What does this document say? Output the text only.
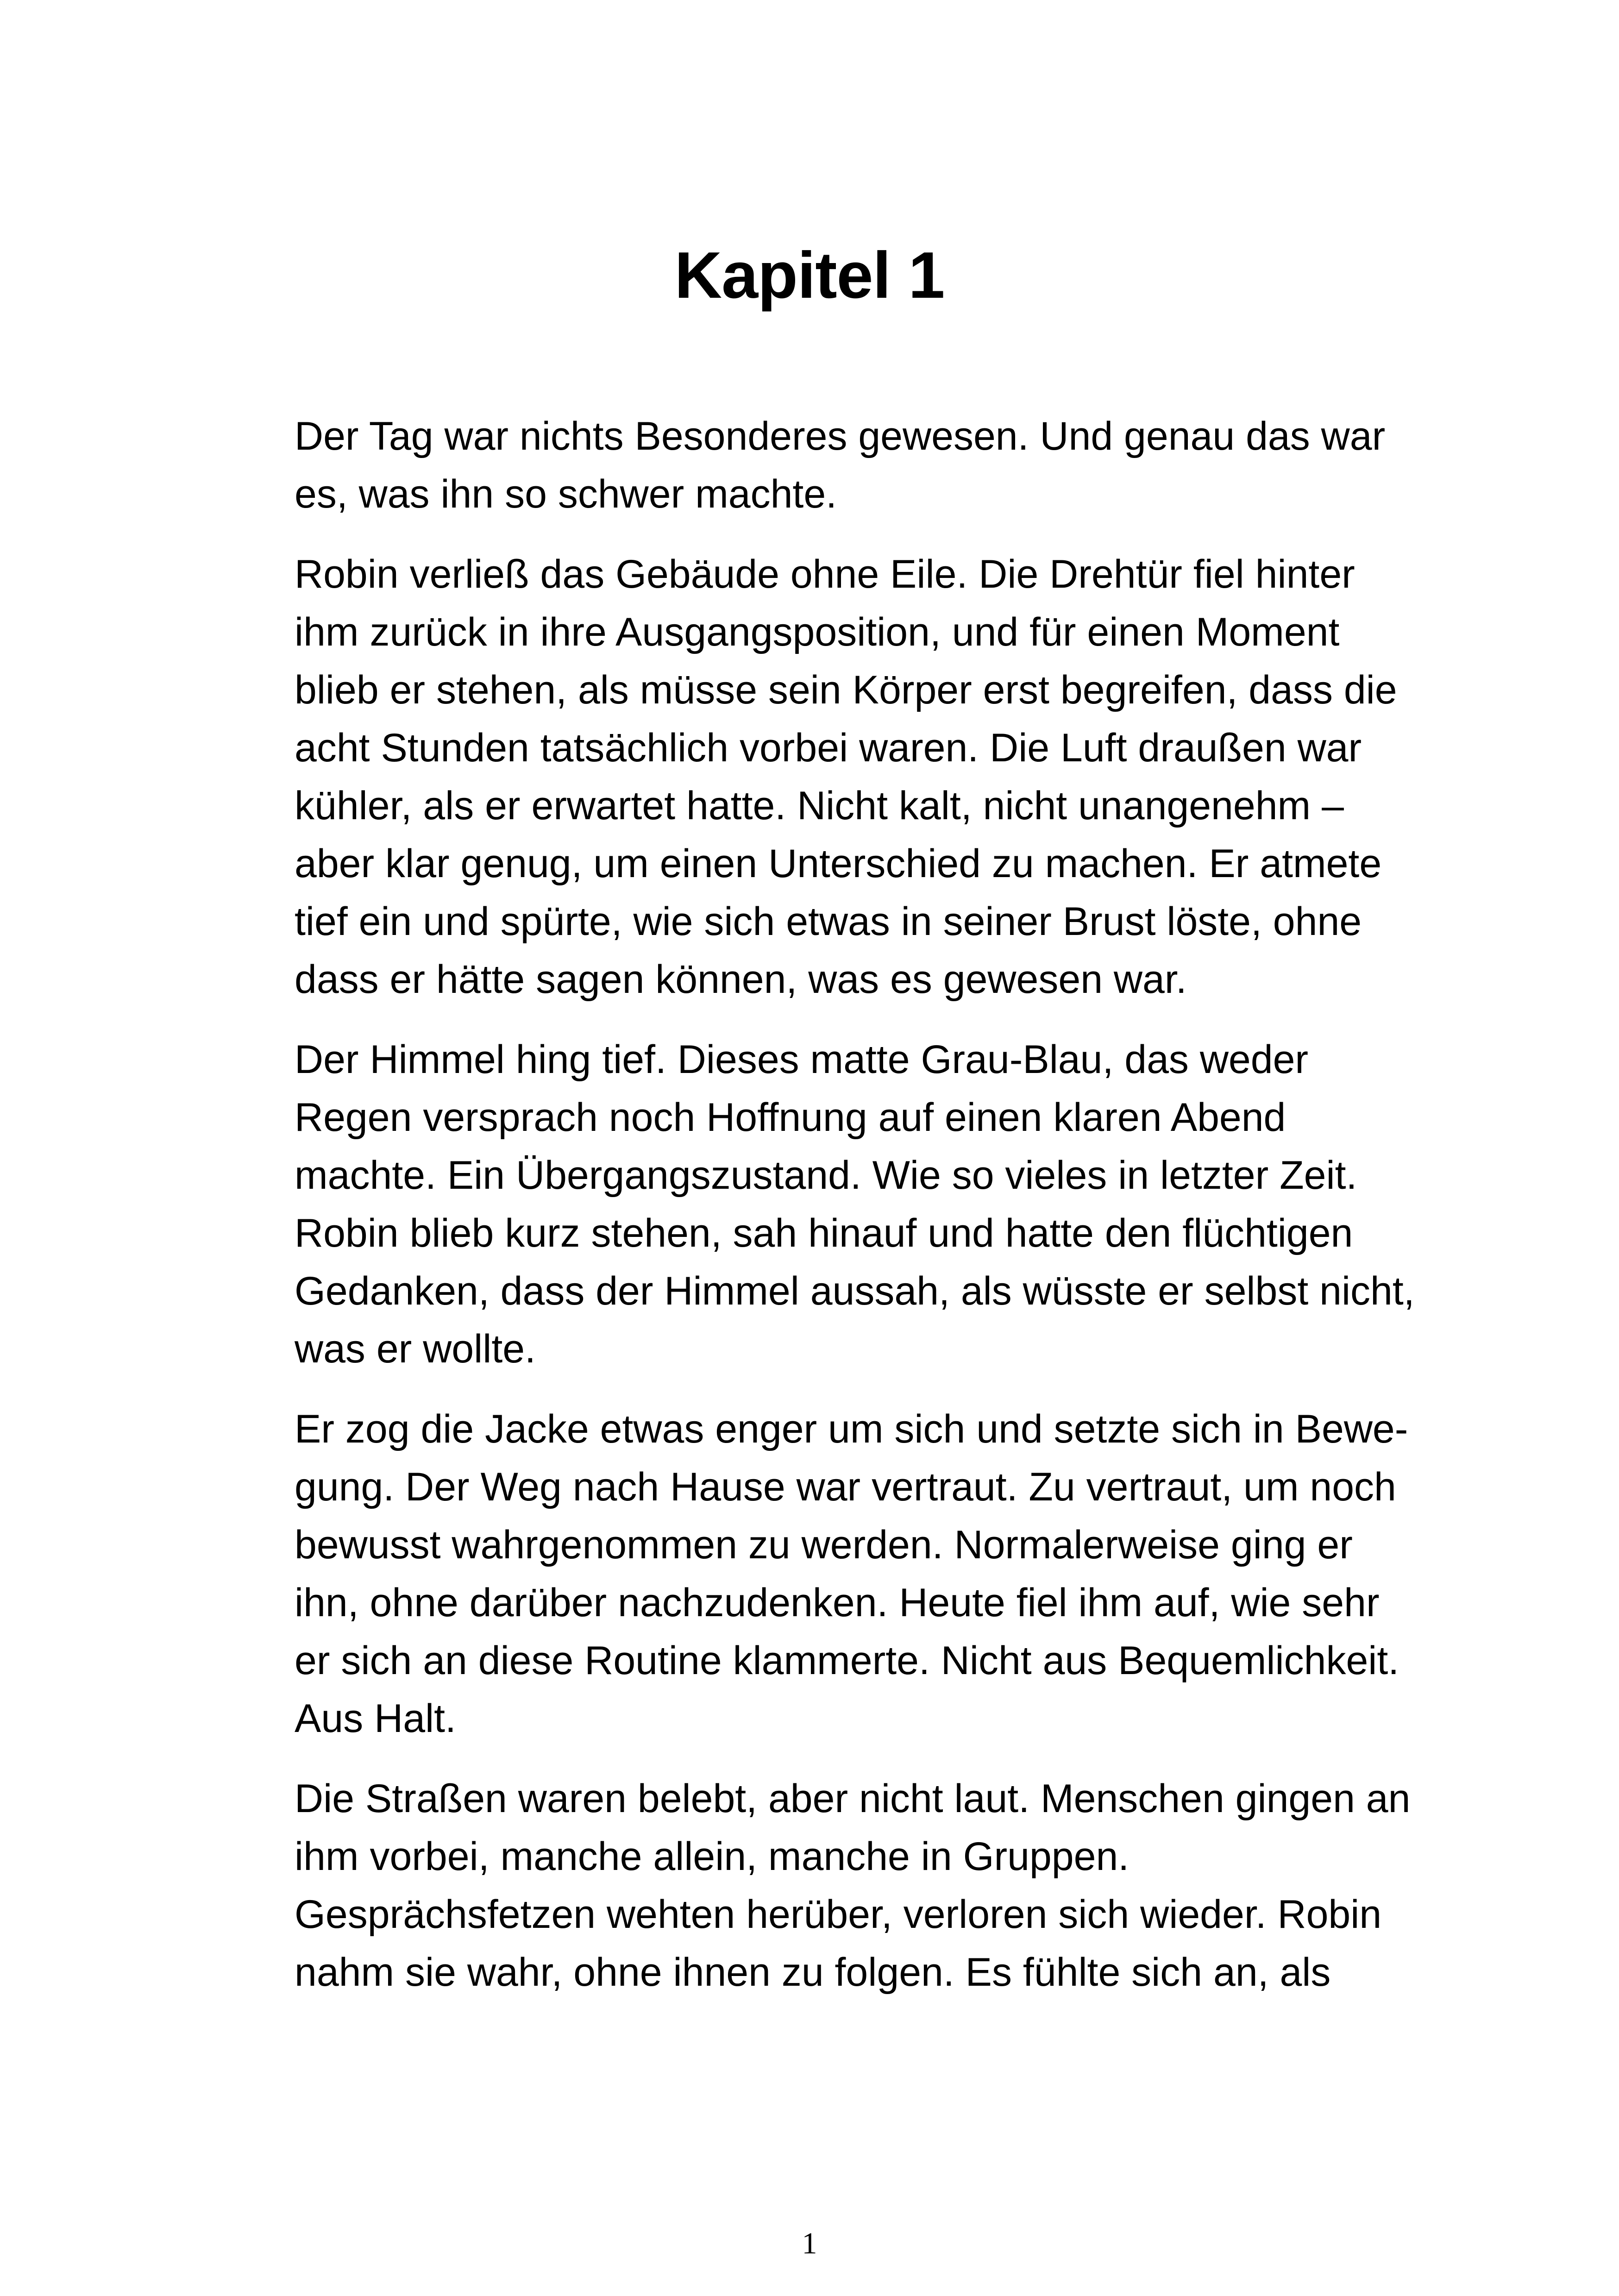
Kapitel 1

Der Tag war nichts Besonderes gewesen. Und genau das war
es, was ihn so schwer machte.

Robin verließ das Gebäude ohne Eile. Die Drehtür fiel hinter
ihm zurück in ihre Ausgangsposition, und für einen Moment
blieb er stehen, als müsse sein Körper erst begreifen, dass die
acht Stunden tatsächlich vorbei waren. Die Luft draußen war
kühler, als er erwartet hatte. Nicht kalt, nicht unangenehm –
aber klar genug, um einen Unterschied zu machen. Er atmete
tief ein und spürte, wie sich etwas in seiner Brust löste, ohne
dass er hätte sagen können, was es gewesen war.

Der Himmel hing tief. Dieses matte Grau-Blau, das weder
Regen versprach noch Hoffnung auf einen klaren Abend
machte. Ein Übergangszustand. Wie so vieles in letzter Zeit.
Robin blieb kurz stehen, sah hinauf und hatte den flüchtigen
Gedanken, dass der Himmel aussah, als wüsste er selbst nicht,
was er wollte.

Er zog die Jacke etwas enger um sich und setzte sich in Bewe-
gung. Der Weg nach Hause war vertraut. Zu vertraut, um noch
bewusst wahrgenommen zu werden. Normalerweise ging er
ihn, ohne darüber nachzudenken. Heute fiel ihm auf, wie sehr
er sich an diese Routine klammerte. Nicht aus Bequemlichkeit.
Aus Halt.

Die Straßen waren belebt, aber nicht laut. Menschen gingen an
ihm vorbei, manche allein, manche in Gruppen.
Gesprächsfetzen wehten herüber, verloren sich wieder. Robin
nahm sie wahr, ohne ihnen zu folgen. Es fühlte sich an, als

1
